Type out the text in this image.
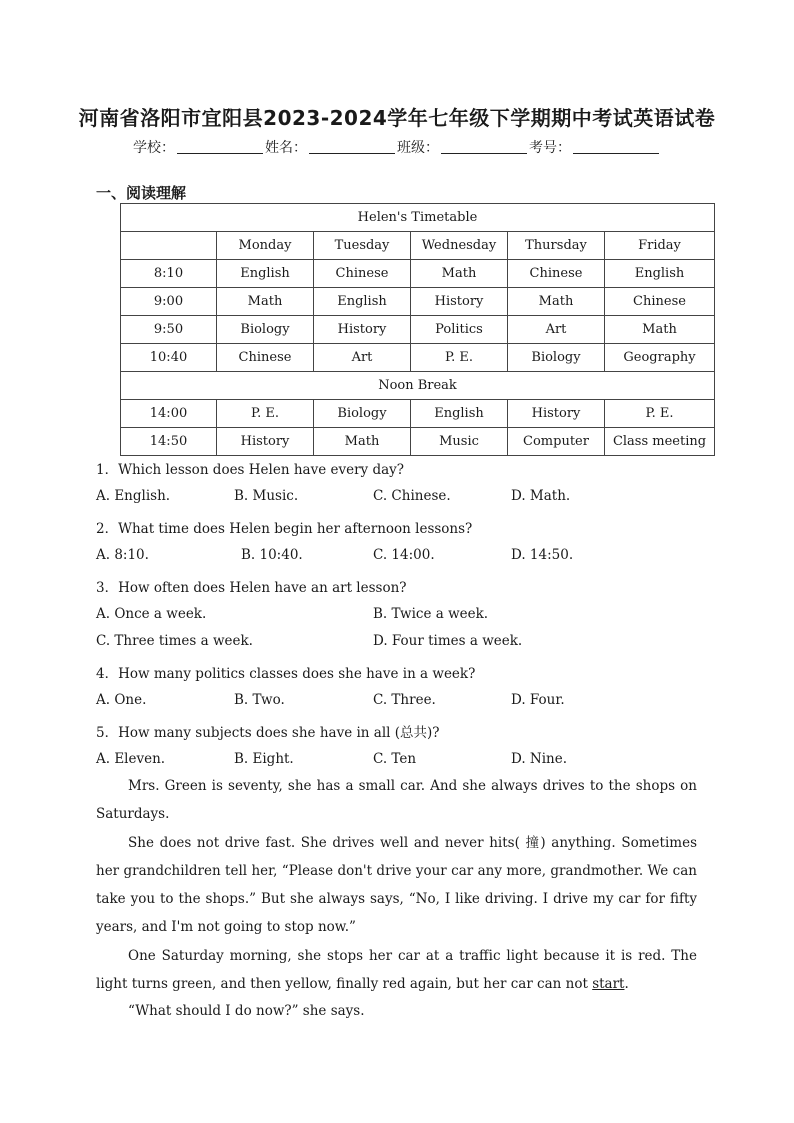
河南省洛阳市宜阳县2023-2024学年七年级下学期期中考试英语试卷
学校：	姓名：	班级：	考号：
一、阅读理解
Helen's Timetable					
	Monday	Tuesday	Wednesday	Thursday	Friday
8:10	English	Chinese	Math	Chinese	English
9:00	Math	English	History	Math	Chinese
9:50	Biology	History	Politics	Art	Math
10:40	Chinese	Art	P. E.	Biology	Geography
Noon Break					
14:00	P. E.	Biology	English	History	P. E.
14:50	History	Math	Music	Computer	Class meeting
1．Which lesson does Helen have every day?
A. English.	B. Music.	C. Chinese.	D. Math.
2．What time does Helen begin her afternoon lessons?
A. 8:10.	B. 10:40.	C. 14:00.	D. 14:50.
3．How often does Helen have an art lesson?
A. Once a week.	B. Twice a week.
C. Three times a week.	D. Four times a week.
4．How many politics classes does she have in a week?
A. One.	B. Two.	C. Three.	D. Four.
5．How many subjects does she have in all (总共)?
A. Eleven.	B. Eight.	C. Ten	D. Nine.
Mrs. Green is seventy, she has a small car. And she always drives to the shops on Saturdays.
She does not drive fast. She drives well and never hits( 撞) anything. Sometimes her grandchildren tell her, “Please don't drive your car any more, grandmother. We can take you to the shops.” But she always says, “No, I like driving. I drive my car for fifty years, and I'm not going to stop now.”
One Saturday morning, she stops her car at a traffic light because it is red. The light turns green, and then yellow, finally red again, but her car can not start.
“What should I do now?” she says.
